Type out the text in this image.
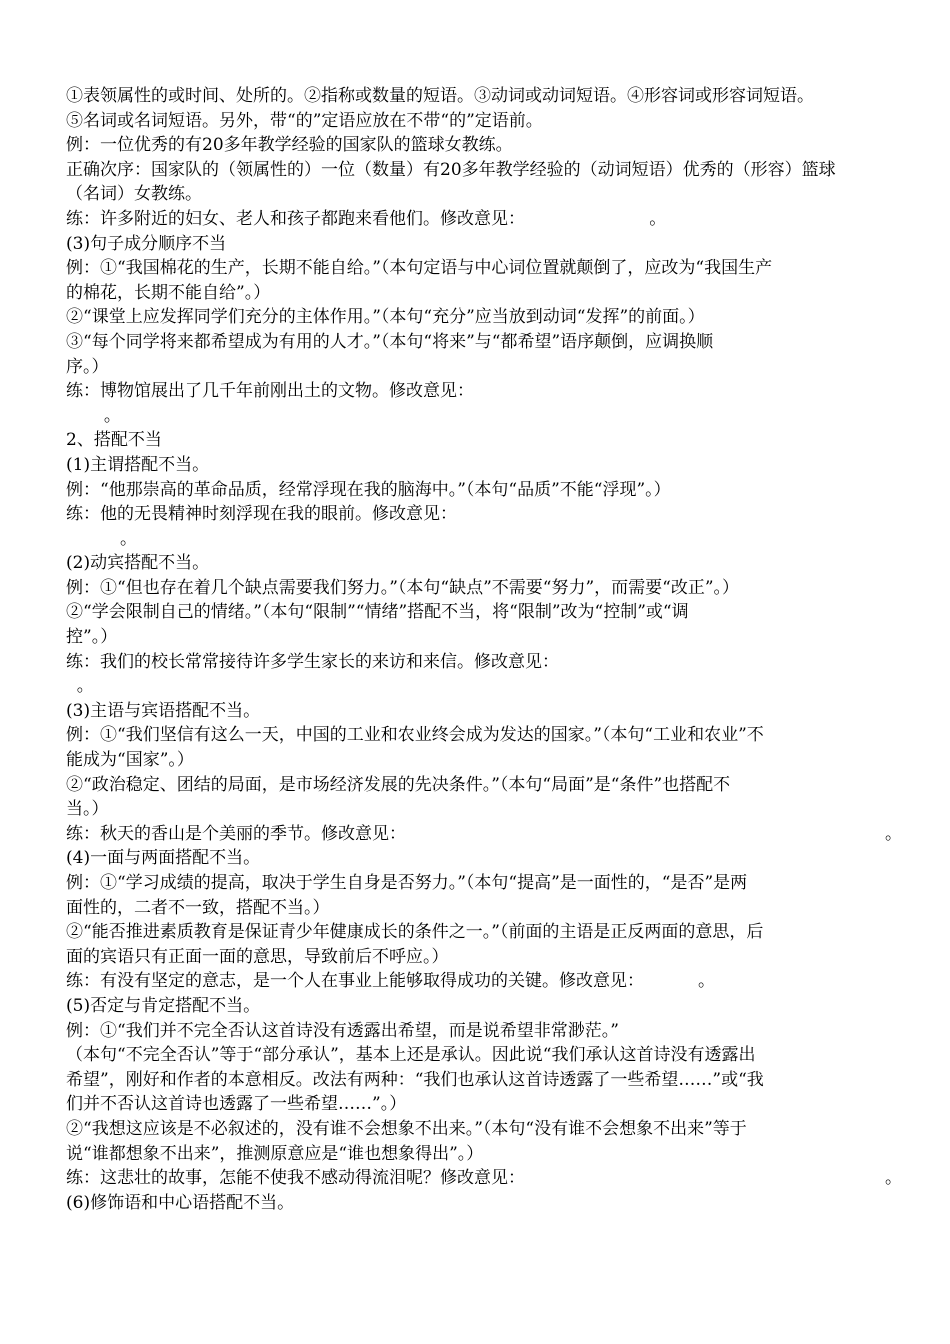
①表领属性的或时间、处所的。②指称或数量的短语。③动词或动词短语。④形容词或形容词短语。
⑤名词或名词短语。另外，带“的”定语应放在不带“的”定语前。
例：一位优秀的有20多年教学经验的国家队的篮球女教练。
正确次序：国家队的（领属性的）一位（数量）有20多年教学经验的（动词短语）优秀的（形容）篮球
（名词）女教练。
练：许多附近的妇女、老人和孩子都跑来看他们。修改意见：                       。
(3)句子成分顺序不当
例：①“我国棉花的生产，长期不能自给。”（本句定语与中心词位置就颠倒了，应改为“我国生产
的棉花，长期不能自给”。）
②“课堂上应发挥同学们充分的主体作用。”（本句“充分”应当放到动词“发挥”的前面。）
③“每个同学将来都希望成为有用的人才。”（本句“将来”与“都希望”语序颠倒，应调换顺
序。）
练：博物馆展出了几千年前刚出土的文物。修改意见：
。
2、搭配不当
(1)主谓搭配不当。
例：“他那崇高的革命品质，经常浮现在我的脑海中。”（本句“品质”不能“浮现”。）
练：他的无畏精神时刻浮现在我的眼前。修改意见：
。
(2)动宾搭配不当。
例：①“但也存在着几个缺点需要我们努力。”（本句“缺点”不需要“努力”，而需要“改正”。）
②“学会限制自己的情绪。”（本句“限制”“情绪”搭配不当，将“限制”改为“控制”或“调
控”。）
练：我们的校长常常接待许多学生家长的来访和来信。修改意见：
。
(3)主语与宾语搭配不当。
例：①“我们坚信有这么一天，中国的工业和农业终会成为发达的国家。”（本句“工业和农业”不
能成为“国家”。）
②“政治稳定、团结的局面，是市场经济发展的先决条件。”（本句“局面”是“条件”也搭配不
当。）
练：秋天的香山是个美丽的季节。修改意见：	。
(4)一面与两面搭配不当。
例：①“学习成绩的提高，取决于学生自身是否努力。”（本句“提高”是一面性的，“是否”是两
面性的，二者不一致，搭配不当。）
②“能否推进素质教育是保证青少年健康成长的条件之一。”（前面的主语是正反两面的意思，后
面的宾语只有正面一面的意思，导致前后不呼应。）
练：有没有坚定的意志，是一个人在事业上能够取得成功的关键。修改意见：          。
(5)否定与肯定搭配不当。
例：①“我们并不完全否认这首诗没有透露出希望，而是说希望非常渺茫。”
（本句“不完全否认”等于“部分承认”，基本上还是承认。因此说“我们承认这首诗没有透露出
希望”，刚好和作者的本意相反。改法有两种：“我们也承认这首诗透露了一些希望……”或“我
们并不否认这首诗也透露了一些希望……”。）
②“我想这应该是不必叙述的，没有谁不会想象不出来。”（本句“没有谁不会想象不出来”等于
说“谁都想象不出来”，推测原意应是“谁也想象得出”。）
练：这悲壮的故事，怎能不使我不感动得流泪呢？修改意见：	。
(6)修饰语和中心语搭配不当。
